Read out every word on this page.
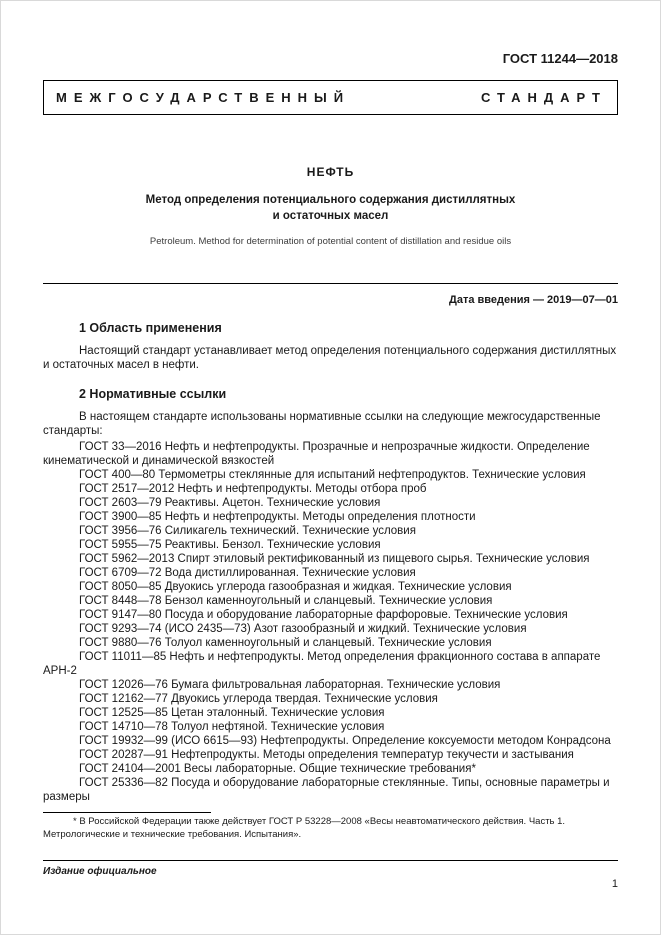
ГОСТ 11244—2018
МЕЖГОСУДАРСТВЕННЫЙ	СТАНДАРТ
НЕФТЬ
Метод определения потенциального содержания дистиллятных
и остаточных масел
Petroleum. Method for determination of potential content of distillation and residue oils
Дата введения — 2019—07—01
1 Область применения

Настоящий стандарт устанавливает метод определения потенциального содержания дистиллятных и остаточных масел в нефти.

2 Нормативные ссылки

В настоящем стандарте использованы нормативные ссылки на следующие межгосударственные стандарты:

ГОСТ 33—2016 Нефть и нефтепродукты. Прозрачные и непрозрачные жидкости. Определение кинематической и динамической вязкостей

ГОСТ 400—80 Термометры стеклянные для испытаний нефтепродуктов. Технические условия

ГОСТ 2517—2012 Нефть и нефтепродукты. Методы отбора проб

ГОСТ 2603—79 Реактивы. Ацетон. Технические условия

ГОСТ 3900—85 Нефть и нефтепродукты. Методы определения плотности

ГОСТ 3956—76 Силикагель технический. Технические условия

ГОСТ 5955—75 Реактивы. Бензол. Технические условия

ГОСТ 5962—2013 Спирт этиловый ректификованный из пищевого сырья. Технические условия

ГОСТ 6709—72 Вода дистиллированная. Технические условия

ГОСТ 8050—85 Двуокись углерода газообразная и жидкая. Технические условия

ГОСТ 8448—78 Бензол каменноугольный и сланцевый. Технические условия

ГОСТ 9147—80 Посуда и оборудование лабораторные фарфоровые. Технические условия

ГОСТ 9293—74 (ИСО 2435—73) Азот газообразный и жидкий. Технические условия

ГОСТ 9880—76 Толуол каменноугольный и сланцевый. Технические условия

ГОСТ 11011—85 Нефть и нефтепродукты. Метод определения фракционного состава в аппарате АРН-2

ГОСТ 12026—76 Бумага фильтровальная лабораторная. Технические условия

ГОСТ 12162—77 Двуокись углерода твердая. Технические условия

ГОСТ 12525—85 Цетан эталонный. Технические условия

ГОСТ 14710—78 Толуол нефтяной. Технические условия

ГОСТ 19932—99 (ИСО 6615—93) Нефтепродукты. Определение коксуемости методом Конрадсона

ГОСТ 20287—91 Нефтепродукты. Методы определения температур текучести и застывания

ГОСТ 24104—2001 Весы лабораторные. Общие технические требования*

ГОСТ 25336—82 Посуда и оборудование лабораторные стеклянные. Типы, основные параметры и размеры

* В Российской Федерации также действует ГОСТ Р 53228—2008 «Весы неавтоматического действия. Часть 1. Метрологические и технические требования. Испытания».

Издание официальное
1
